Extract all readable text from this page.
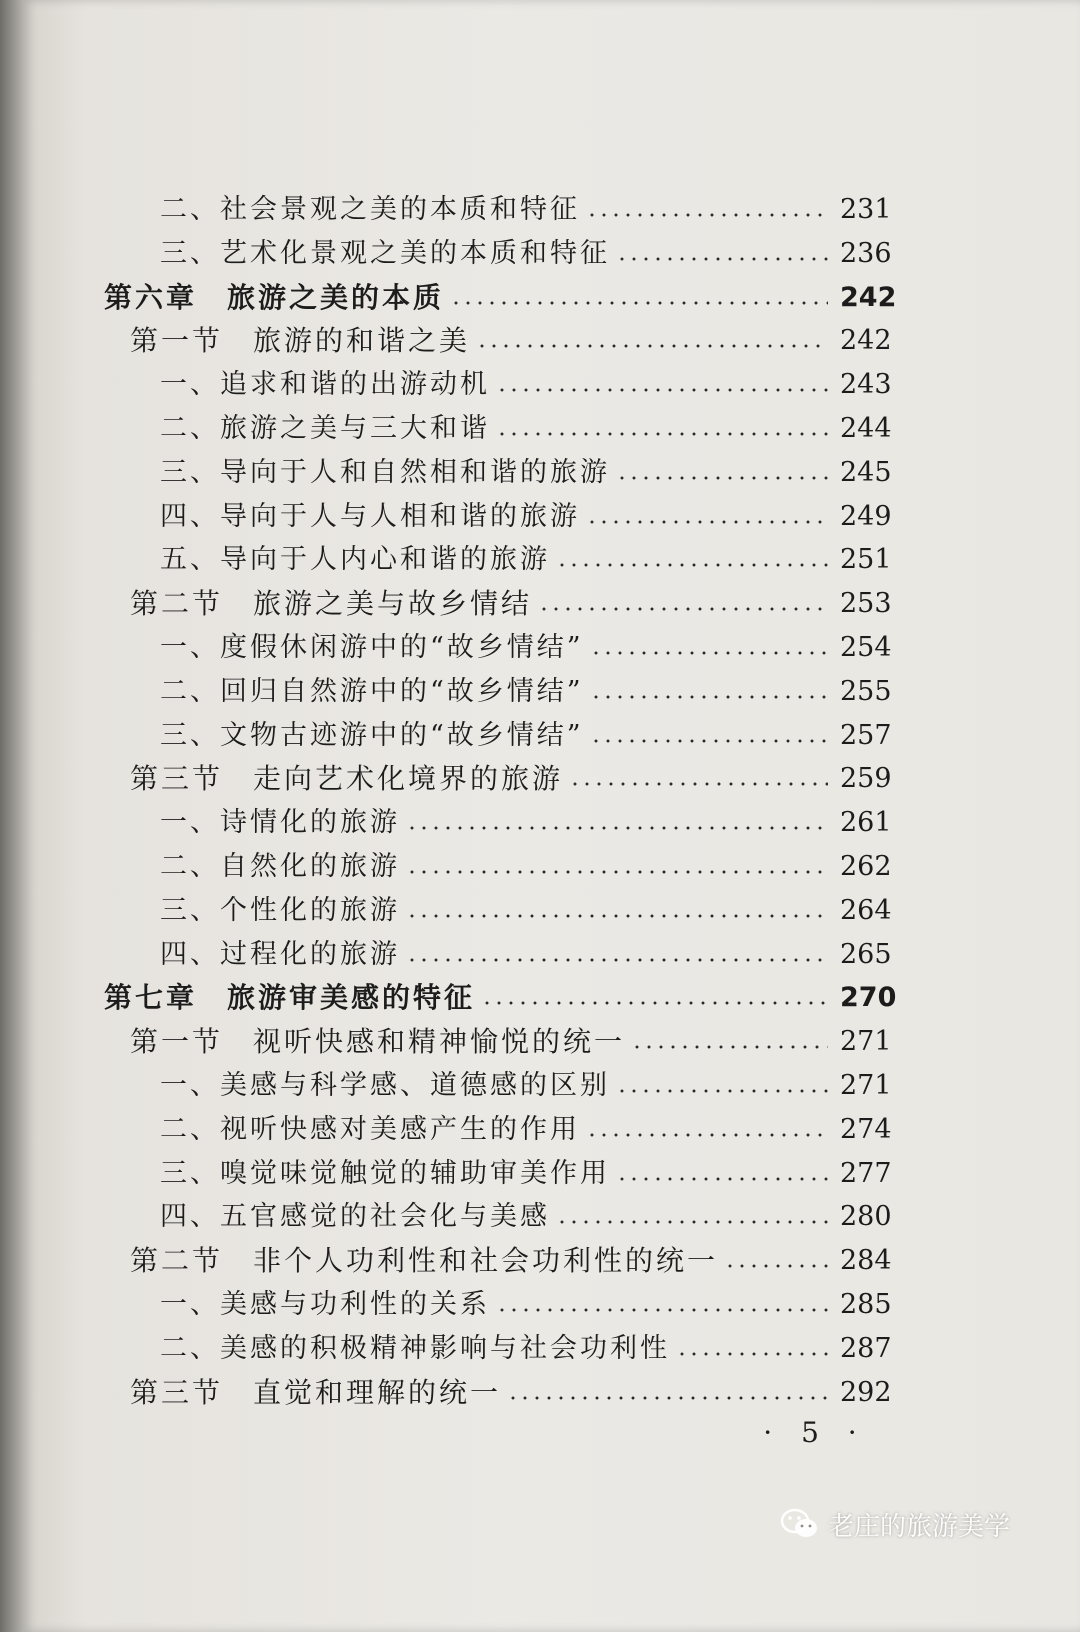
二、社会景观之美的本质和特征	231
三、艺术化景观之美的本质和特征	236
第六章 旅游之美的本质	242
第一节 旅游的和谐之美	242
一、追求和谐的出游动机	243
二、旅游之美与三大和谐	244
三、导向于人和自然相和谐的旅游	245
四、导向于人与人相和谐的旅游	249
五、导向于人内心和谐的旅游	251
第二节 旅游之美与故乡情结	253
一、度假休闲游中的“故乡情结”	254
二、回归自然游中的“故乡情结”	255
三、文物古迹游中的“故乡情结”	257
第三节 走向艺术化境界的旅游	259
一、诗情化的旅游	261
二、自然化的旅游	262
三、个性化的旅游	264
四、过程化的旅游	265
第七章 旅游审美感的特征	270
第一节 视听快感和精神愉悦的统一	271
一、美感与科学感、道德感的区别	271
二、视听快感对美感产生的作用	274
三、嗅觉味觉触觉的辅助审美作用	277
四、五官感觉的社会化与美感	280
第二节 非个人功利性和社会功利性的统一	284
一、美感与功利性的关系	285
二、美感的积极精神影响与社会功利性	287
第三节 直觉和理解的统一	292
· 5 ·
老庄的旅游美学
